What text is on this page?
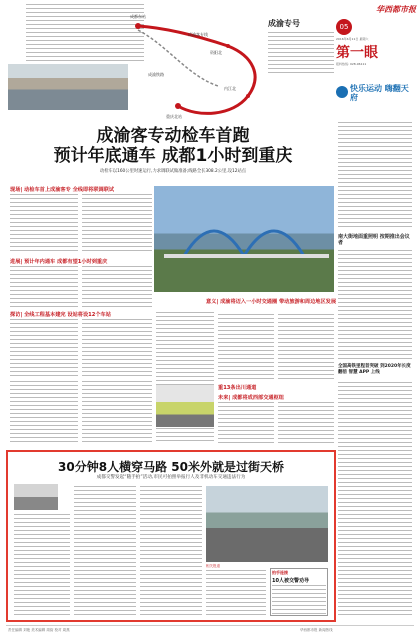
成渝客专线
资阳北
内江北
成都东站
重庆北站
成渝铁路
成渝专号
华西都市报
05
2016年6月11日 星期六
第一眼
报料热线: 028-96111
快乐运动 嗨翻天府
成渝客专动检车首跑
预计年底通车 成都1小时到重庆
动检车以160公里时速运行,力求调联试做准备;线路全长308.2公里,设12站点
现场| 动检车首上成渝客专 全线即将联调联试
进展| 预计年内通车 成都有望1小时到重庆
探访| 全线工程基本建完 设站将设12个车站
意义| 成渝将迈入一小时交通圈 带动旅游和周边地区发展
重13条出川通道
未来| 成都将成西部交通枢纽
南大街地面重照明 按期推出会议者
全国高铁里程首突破 到2020年长度翻倍 智慧 APP 上线
30分钟8人横穿马路 50米外就是过街天桥
成都交警发起“随手拍”活动,市民可拍照举报行人及非机动车交通违法行为
相关报道
拍手连接
10人被交警劝导
责任编辑 刘艳 美术编辑 周韵 校对 周燕	华西都市报 新闻热线
